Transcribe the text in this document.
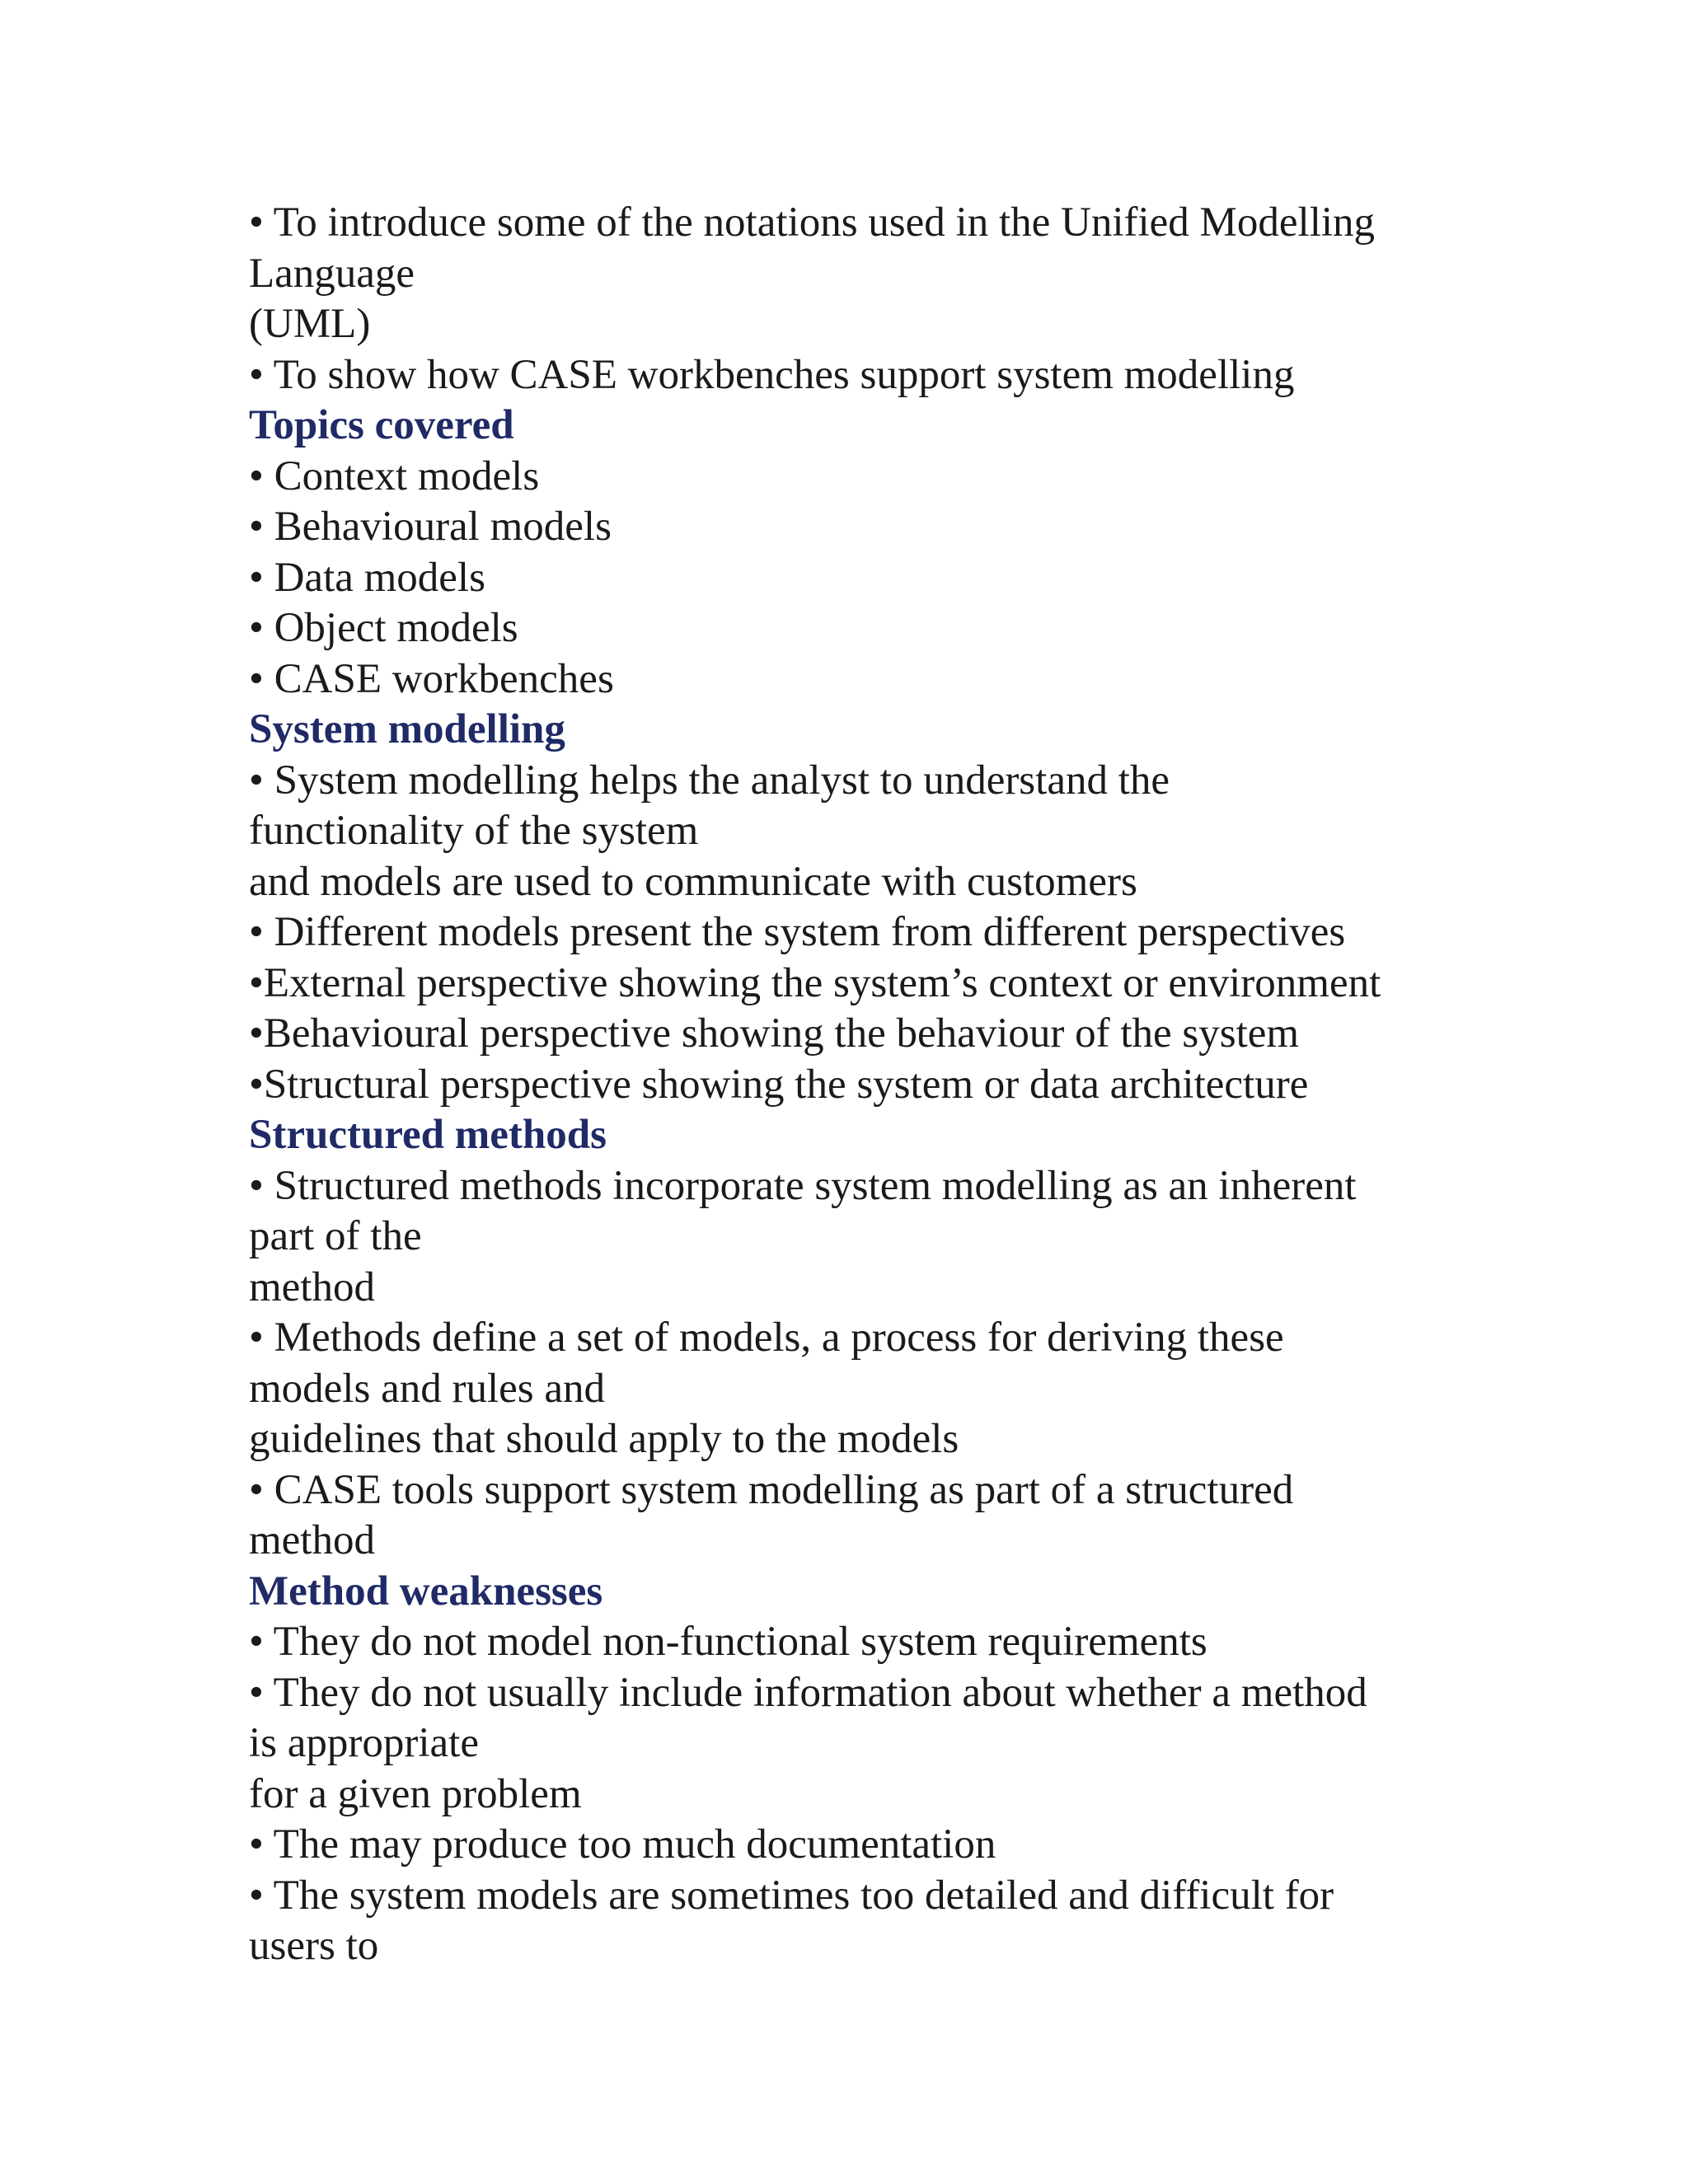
• To introduce some of the notations used in the Unified Modelling

Language

(UML)

• To show how CASE workbenches support system modelling

Topics covered

• Context models

• Behavioural models

• Data models

• Object models

• CASE workbenches

System modelling

• System modelling helps the analyst to understand the

functionality of the system

and models are used to communicate with customers

• Different models present the system from different perspectives

•External perspective showing the system’s context or environment

•Behavioural perspective showing the behaviour of the system

•Structural perspective showing the system or data architecture

Structured methods

• Structured methods incorporate system modelling as an inherent

part of the

method

• Methods define a set of models, a process for deriving these

models and rules and

guidelines that should apply to the models

• CASE tools support system modelling as part of a structured

method

Method weaknesses

• They do not model non-functional system requirements

• They do not usually include information about whether a method

is appropriate

for a given problem

• The may produce too much documentation

• The system models are sometimes too detailed and difficult for

users to
